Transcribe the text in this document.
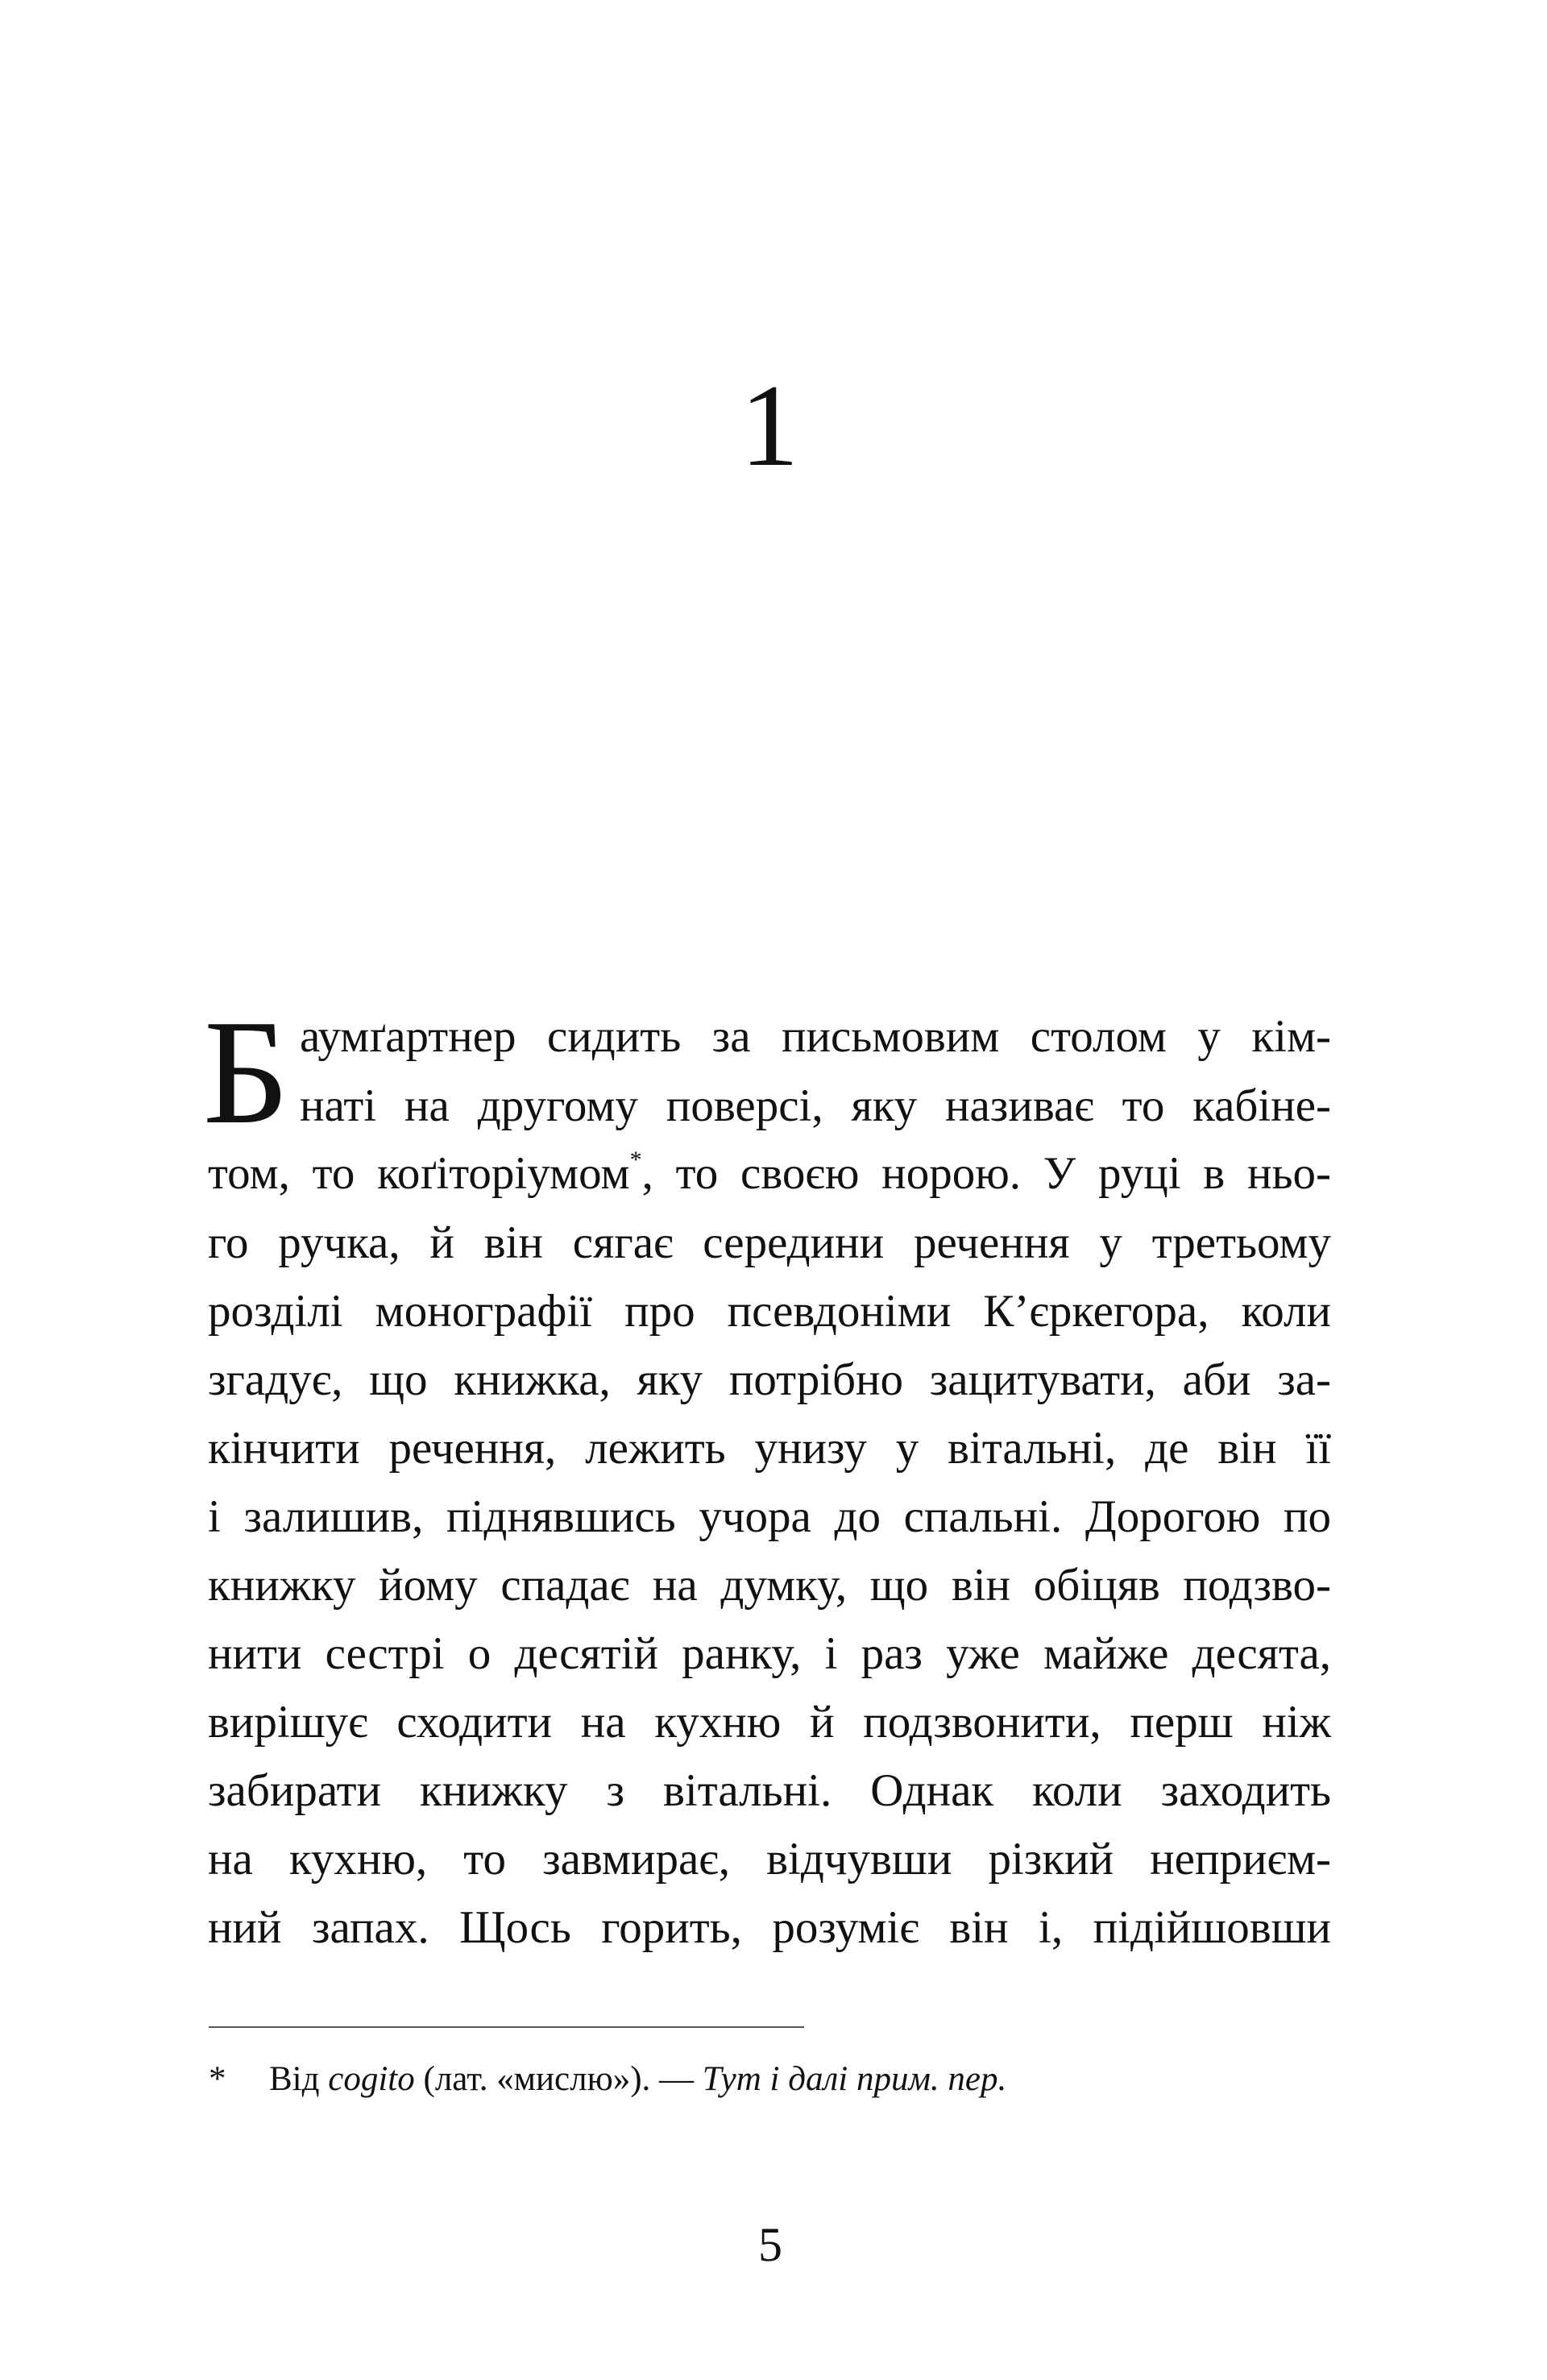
1
Б аумґартнер сидить за письмовим столом у кім-
наті на другому поверсі, яку називає то кабіне-
том, то коґіторіумом*, то своєю норою. У руці в ньо-
го ручка, й він сягає середини речення у третьому
розділі монографії про псевдоніми К’єркегора, коли
згадує, що книжка, яку потрібно зацитувати, аби за-
кінчити речення, лежить унизу у вітальні, де він її
і залишив, піднявшись учора до спальні. Дорогою по
книжку йому спадає на думку, що він обіцяв подзво-
нити сестрі о десятій ранку, і раз уже майже десята,
вирішує сходити на кухню й подзвонити, перш ніж
забирати книжку з вітальні. Однак коли заходить
на кухню, то завмирає, відчувши різкий неприєм-
ний запах. Щось горить, розуміє він і, підійшовши
* Від cogito (лат. «мислю»). — Тут і далі прим. пер.
5
